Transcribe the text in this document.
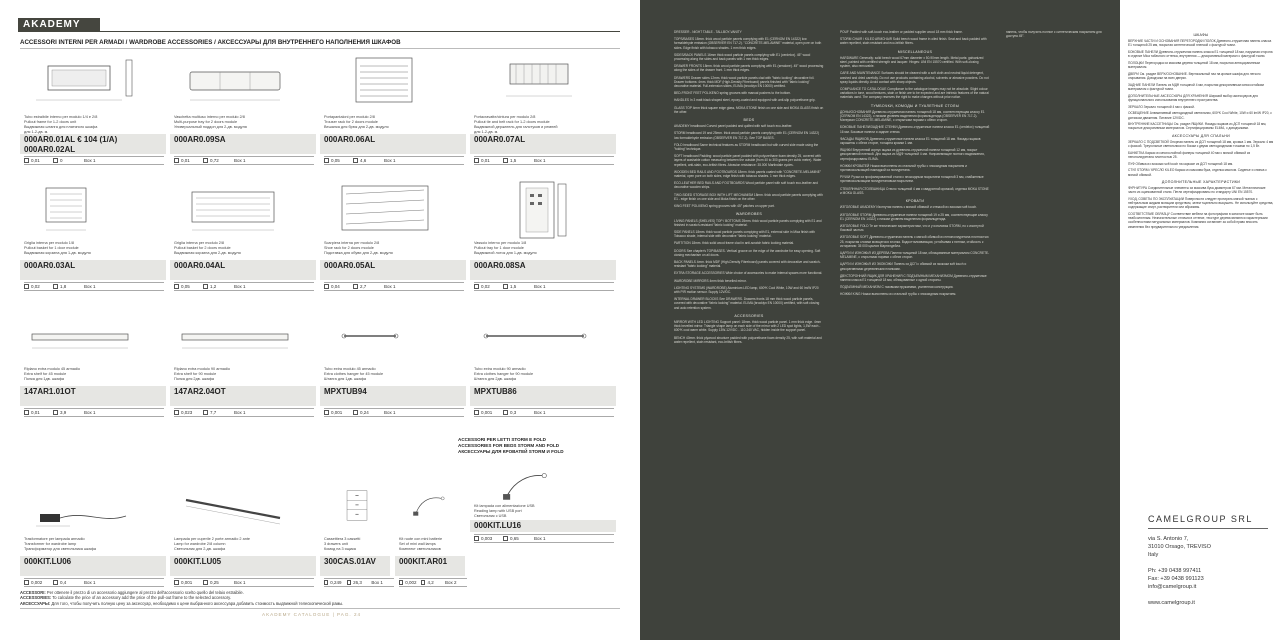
AKADEMY
ACCESSORI INTERNI PER ARMADI / WARDROBE ACCESSORIES / АКСЕССУАРЫ ДЛЯ ВНУТРЕННЕГО НАПОЛНЕНИЯ ШКАФОВ
Tubo estraibile interno per modulo 1/4 e 2/8
Pullout frame for 1-2 doors unit
Выдвижная штанга для платяного шкафа
для 1-2-дв. м.
000AR0.01AL € 104 (1/A)
000AR0.02AL
0,01	0	Box 1
Vaschetta multiuso interno per modulo 2/8
Multi-purpose tray for 2 doors module
Универсальный поддон для 2-дв. модуля
000AR0.09SA
0,01	0,72	Box 1
Portapantaloni per modulo 2/8
Trouser rack for 2 doors module
Вешалка для брюк для 2-дв. модуля
000AR0.06AL
0,05	4,6	Box 1
Portacravatte/cintura per modulo 2/8
Pullout tie and belt rack for 1-2 doors module
Выдвижной держатель для галстуков и ремней
для 1-2-дв. м.
000AR0.07AL
0,01	1,5	Box 1
Griglia interna per modulo 1/8
Pullout basket for 1 door module
Выдвижная корзина для 1-дв. модуля
000AR0.03AL
0,02	1,8	Box 1
Griglia interna per modulo 2/8
Pullout basket for 2 doors module
Выдвижная корзина для 2-дв. модуля
000AR0.04AL
0,05	1,2	Box 1
Scarpiera interna per modulo 2/8
Shoe rack for 2 doors module
Подставка для обуви для 2-дв. модуля
000AR0.05AL
0,04	2,7	Box 1
Vassoio interno per modulo 1/8
Pullout tray for 1 door module
Выдвижной лоток для 1-дв. модуля
000AR0.08SA
0,02	1,5	Box 1
Riplano extra modulo 45 armadio
Extra shelf for 45 module
Полка для 1дв. шкафа
147AR1.01OT
0,01	3,9	Box 1
Riplano extra modulo 90 armadio
Extra shelf for 90 module
Полка для 2дв. шкафа
147AR2.04OT
0,023	7,7	Box 1
Tubo extra modulo 45 armadio
Extra clothes hanger for 45 module
Штанга для 1дв. шкафа
MPXTUB94
0,001	0,24	Box 1
Tubo extra modulo 90 armadio
Extra clothes hanger for 90 module
Штанга для 2дв. шкафа
MPXTUB86
0,001	0,3	Box 1
Trasformatore per lampada armadio
Transformer for wardrobe lamp
Трансформатор для светильника шкафа
000KIT.LU06
0,002	0,4	Box 1
Lampada per cuperile 2 porte armadio 2 ante
Lamp for wardrobe 2/8 column
Светильник для 2-дв. шкафа
000KIT.LU05
0,001	0,25	Box 1
Cassettiera 3 cassetti
3 drawers unit
Комод на 3 ящика
300CAS.01AV
0,249	26,3	Box 1
Kit ruote con mini batterie
Set of mini wall lamps
Комплект светильников
000KIT.AR01
0,002	4,2	Box 2
Kit lampada con alimentazione USB
Reading lamp with USB port
Светильник с USB
000KIT.LU16
0,003	0,65	Box 1
ACCESSORI PER LETTI STORM E FOLD
ACCESSORIES FOR BEDS STORM AND FOLD
АКСЕССУАРЫ ДЛЯ КРОВАТЕЙ STORM И FOLD
ACCESSORI: Per ottenere il prezzo di un accessorio aggiungere al prezzo dell'accessorio scelto quello del telaio estraibile.
ACCESSORIES: To calculate the price of an accessory add the price of the pull-out frame to the selected accessory.
АКСЕССУАРЫ: Для того, чтобы получить полную цену за аксессуар, необходимо к цене выбранного аксессуара добавить стоимость выдвижной телескопической рамы.
AKADEMY CATALOGUE | PAG. 24

DRESSER - NIGHT TABLE - TALLBOY-VANITY

TOPS/BASES 18mm. thick wood particle panels complying with E1 (CERNOM EN 14322) low formaldehyde emission (OBSERVER EN 717-2). "CONCRETE-MELAMINE" material, open pore on both sides. Edge finish with tobacco shades. 1 mm thick edges.

SIDES/BACK PANELS 16mm thick wood particle panels complying with E1 (cerdelox). 45° wood processing along the sides and back panels with 1 mm thick edges.

DRAWER FRONTS 18mm. thick wood particle panels complying with E1 (seralone). 45° wood processing along the sides of the drawer front. 1 mm thick edges.

DRAWERS Drawer sides 12mm. thick wood particle panels clad with "fabric looking" decorative foil. Drawer bottoms: 4mm. thick MDF (High-Density Fibreboard) panels finished with "fabric looking" decorative material. Full-extension slides, ELIMA (brooklyn EN 10000) certified.

BED-FRONT FEET POLIXENO spring grooves with manual pushers to the bottom.

HANDLES In 3 matt black shaped steel, epoxy-coated and equipped with anti-slip polyurethane grip.

GLASS TOP 4mm thick square edge glass, MOKA STONE finish on one side and MOKA GLASS finish on the other.

BEDS

AKADEMY headboard Curved panel padded and quilted with soft touch eco-leather.

STORM headboard 19 and 25mm. thick wood particle panels complying with E1 (CERNOM EN 14322) low formaldehyde emission (OBSERVER EN 717-2). See TOP BASES.

FOLD headboard Same technical features as STORM headboard but with curved side made using the "folding" technique.

SOFT headboard Padding: wood particle panel padded with polyurethane foam density 25, covered with layers of washable cotton measuring between the outside (from 40 to 300 grams per cubic metre). Water repellent, anti-stain, eco-british fibres. Abrasion resistance: 35.000 Martindale cycles.

WOODEN BED RAILS AND FOOTBOARDS 18mm. thick panels coated with "CONCRETE-MELAMINE" material, open pore on both sides, edge finish with tobacco shades. 1 mm thick edges.

ECO-LEATHER BED RAILS AND FOOTBOARDS Wood particle panel with soft touch eco-leather and decorative wooden strips.

TWO-SIDED STORAGE BOX WITH LIFT MECHANISM 18mm. thick wood particle panels complying with E1 - edge finish on one side and Moka finish on the other.

KING FEET POLIXENO spring grooves with 45° patches on upper part.

WARDROBES

LIVING PANELS (SHELVES) TOP / BOTTOMS 25mm. thick wood particle panels complying with E1 and finished in scratch-resistant "fabric looking" material.

SIDE PANELS 18mm. thick wood particle panels complying with E1, external side in Mica finish with Tobacco shade, internal side with decorative "fabric looking" material.

PARTITION 18mm. thick solid wood frame clad in anti-scratch fabric looking material.

DOORS See chapter's TOP/BASES. Vertical groove on the edge of the wardrobe for easy opening. Soft closing mechanism on all doors.

BACK PANELS 4mm. thick MDF (High-Density Fibreboard) panels covered with decorative and scratch-resistant "fabric looking" material.

EXTRA STORAGE ACCESSORIES Wide choice of accessories to make internal spaces more functional.

WARDROBE MIRRORS 4mm thick bevelled mirror.

LIGHTING SYSTEMS (WARDROBE) Aluminium LED lamp, 600ºK Cool White, 10W and 60 lm/W IP20 with PIR motion sensor. Supply 12V/DC.

INTERNAL DRAWER BLOCKS See DRAWERS. Drawers fronts 18 mm thick wood particle panels, covered with decorative "fabric looking" material. ELIMA (brooklyn EN 10000) certified, with soft closing and auto retention system.

ACCESSORIES

MIRROR WITH LED LIGHTING Support panel: 18mm. thick wood particle panel. 1 mm thick edge. 4mm thick bevelled mirror. Triangle shape lamp on each side of the mirror with 2 LED spot lights, 1,5W each - 600ºK cool warm white. Supply 13W-12V/DC - 110-240 VAC, hidden inside the support panel.

BENCH 40mm. thick plywood structure padded with polyurethane foam density 25, with soft material and water repellent, stain resistant, eco-british fibres.

POUF Padded with soft-touch eco-leather or padded supplier wood 18 mm thick frame.

STORM CHAIR / KILEO ARMCHAIR Solid beech wood frame in oiled finish. Seat and back padded with water repellent, stain resistant and eco-british fibres.

MISCELLANEOUS

HARDWARE Generally: solid beech wood 67mm diameter x 50-90mm length. Metal parts: galvanized steel, painted with certified strength and lacquer. Hinges: UNI EN 15570 certified. With soft-closing system, also removable.

CARE AND MAINTENANCE Surfaces should be cleaned with a soft cloth and neutral liquid detergent, washed and dried carefully. Do not use products containing alcohol, solvents or abrasive powders. Do not spray liquids directly. Avoid contact with sharp objects.

COMPLIANCE TO CATALOGUE Compliance to the catalogue images may not be absolute. Slight colour variations in tone, wood textures, stain or finish are to be expected and are intrinsic features of the natural materials used. The company reserves the right to make changes without prior notice.

ТУМБОЧКИ, КОМОДЫ И ТУАЛЕТНЫЕ СТОЛЫ

ДОНЫ/ОСНОВАНИЯ Древесно-стружечная панель толщиной 18 мм, соответствующая классу E1 (CERNOM EN 14322), с низким уровнем выделения формальдегида (OBSERVER EN 717-2). Материал CONCRETE-MELAMINE, с открытыми порами с обеих сторон.

БОКОВЫЕ ПАНЕЛИ/ЗАДНИЕ СТЕНКИ Древесно-стружечные панели класса E1 (cerdelox) толщиной 16 мм. Боковые панели и задние стенки.

ФАСАДЫ ЯЩИКОВ Древесно-стружечные панели класса E1 толщиной 18 мм. Фасады ящиков окрашены с обеих сторон, толщина кромки 1 мм.

ЯЩИКИ Внутренний корпус ящика из древесно-стружечной панели толщиной 12 мм, покрыт декоративной пленкой. Дно ящика из МДФ толщиной 4 мм. Направляющие полного выдвижения, сертифицированы ELIMA.

НОЖКИ КРОВАТЕЙ Ножки выполнены из стальной трубы с эпоксидным покрытием и противоскользящей накладкой из полиуретана.

РУЧКИ Ручки из профилированной стали с эпоксидным покрытием толщиной 3 мм, снабженные противоскользящим полиуретановым покрытием.

СТЕКЛЯННАЯ СТОЛЕШНИЦА Стекло толщиной 4 мм с квадратной кромкой, отделка MOKA STONE и MOKA GLASS.

КРОВАТИ

ИЗГОЛОВЬЕ AKADEMY Изогнутая панель с мягкой обивкой и стежкой из экокожи soft touch.

ИЗГОЛОВЬЕ STORM Древесно-стружечные панели толщиной 19 и 25 мм, соответствующие классу E1 (CERNOM EN 14322) с низким уровнем выделения формальдегида.

ИЗГОЛОВЬЕ FOLD Те же технические характеристики, что и у изголовья STORM, но с изогнутой боковой частью.

ИЗГОЛОВЬЕ SOFT Древесно-стружечная панель с мягкой обивкой из пенополиуретана плотностью 25, покрытая слоями моющегося хлопка. Водоотталкивающая, устойчивая к пятнам, стойкость к истиранию: 35 000 циклов Мартиндейла.

ЦАРГИ И ИЗНОЖЬЯ ИЗ ДЕРЕВА Панели толщиной 18 мм, облицованные материалом CONCRETE-MELAMINE, с открытыми порами с обеих сторон.

ЦАРГИ И ИЗНОЖЬЯ ИЗ ЭКОКОЖИ Панель из ДСП с обивкой из экокожи soft touch и декоративными деревянными планками.

ДВУСТОРОННИЙ ЯЩИК ДЛЯ ХРАНЕНИЯ С ПОДЪЕМНЫМ МЕХАНИЗМОМ Древесно-стружечные панели класса E1 толщиной 18 мм, облицованные с одной стороны.

ПОДЪЕМНЫЙ МЕХАНИЗМ С газовыми пружинами, усиленная конструкция.

НОЖКИ KING Ножки выполнены из стальной трубы с эпоксидным покрытием.

панель, чтобы получить полное с синтетическим покрытием для доступа 45°.	ШКАФЫ

ВЕРХНИЕ ЧАСТИ И ОСНОВАНИЯ ПЕРЕГОРОДКИ ПОЛОК Древесно-стружечная панель класса E1 толщиной 25 мм, покрытая синтетической пленкой с фактурой ткани.

БОКОВЫЕ ПАНЕЛИ Древесно-стружечная панель класса E1 толщиной 18 мм, наружная сторона в отделке Mica табачного оттенка, внутренняя — декоративный материал с фактурой ткани.

ПОЛОЦКИ Перегородка из массива дерева толщиной 18 мм, покрытая антицарапинным материалом.

ДВЕРИ См. раздел ВЕРХ/ОСНОВАНИЕ. Вертикальный паз на кромке шкафа для легкого открывания. Доводчики на всех дверях.

ЗАДНИЕ ПАНЕЛИ Панель из МДФ толщиной 4 мм, покрытая декоративным износостойким материалом с фактурой ткани.

ДОПОЛНИТЕЛЬНЫЕ АКСЕССУАРЫ ДЛЯ ХРАНЕНИЯ Широкий выбор аксессуаров для функционального использования внутреннего пространства.

ЗЕРКАЛО Зеркало толщиной 4 мм с фаской.

ОСВЕЩЕНИЕ Алюминиевый светодиодный светильник, 600ºK Cool White, 10W и 60 lm/W IP20, с датчиком движения. Питание 12V/DC.

ВНУТРЕННИЕ КАССЕТНИЦЫ См. раздел ЯЩИКИ. Фасады ящиков из ДСП толщиной 18 мм, покрытые декоративным материалом. Сертифицированы ELIMA, с доводчиками.

АКСЕССУАРЫ ДЛЯ СПАЛЬНИ

ЗЕРКАЛО С ПОДСВЕТКОЙ Опорная панель из ДСП толщиной 18 мм, кромка 1 мм. Зеркало 4 мм с фаской. Треугольные светильники по бокам с двумя светодиодными точками по 1,5 Вт.

БАНКЕТКА Каркас из многослойной фанеры толщиной 40 мм с мягкой обивкой из пенополиуретана плотностью 25.

ПУФ Обивка из экокожи soft touch на каркасе из ДСП толщиной 18 мм.

СТУЛ STORM / КРЕСЛО KILEO Каркас из массива бука, отделка маслом. Сиденье и спинка с мягкой обивкой.

ДОПОЛНИТЕЛЬНЫЕ ХАРАКТЕРИСТИКИ

ФУРНИТУРА Соединительные элементы из массива бука диаметром 67 мм. Металлические части из оцинкованной стали. Петли сертифицированы по стандарту UNI EN 15570.

УХОД, СОВЕТЫ ПО ЭКСПЛУАТАЦИИ Поверхности следует протирать мягкой тканью с нейтральным жидким моющим средством, затем тщательно высушить. Не используйте средства, содержащие спирт, растворители или абразивы.

СООТВЕТСТВИЕ ОБРАЗЦУ Соответствие мебели на фотографиях в каталоге может быть неабсолютным. Незначительные отличия в оттенке, текстуре дерева являются характерными особенностями натуральных материалов. Компания оставляет за собой право вносить изменения без предварительного уведомления.

CAMELGROUP SRL
via S. Antonio 7,
31010 Orsago, TREVISO
Italy
Ph: +39 0438 997411
Fax: +39 0438 991123
info@camelgroup.it
www.camelgroup.it
